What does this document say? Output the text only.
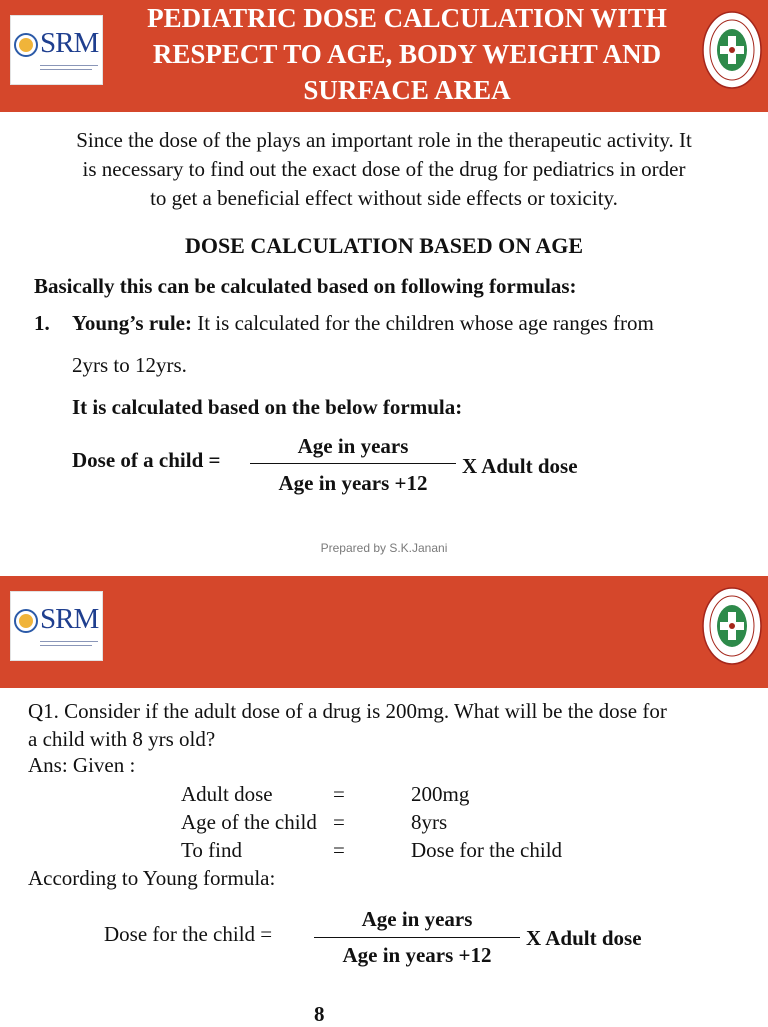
SRM
PEDIATRIC DOSE CALCULATION WITH
RESPECT TO AGE, BODY WEIGHT AND
SURFACE AREA
Since the dose of the plays an important role in the therapeutic activity. It
is necessary to find out the exact dose of the drug for pediatrics in order
to get a beneficial effect without side effects or toxicity.
DOSE CALCULATION BASED ON AGE
Basically this can be calculated based on following formulas:
1. Young’s rule: It is calculated for the children whose age ranges from
2yrs to 12yrs.
It is calculated based on the below formula:
Dose of a child =
Age in years
Age in years +12
X Adult dose
Prepared by S.K.Janani
SRM
Q1. Consider if the adult dose of a drug is 200mg. What will be the dose for
a child with 8 yrs old?
Ans: Given :
Adult dose	=	200mg
Age of the child =	8yrs
To find	=	Dose for the child
According to Young formula:
Dose for the child =
Age in years
Age in years +12
X Adult dose
8
